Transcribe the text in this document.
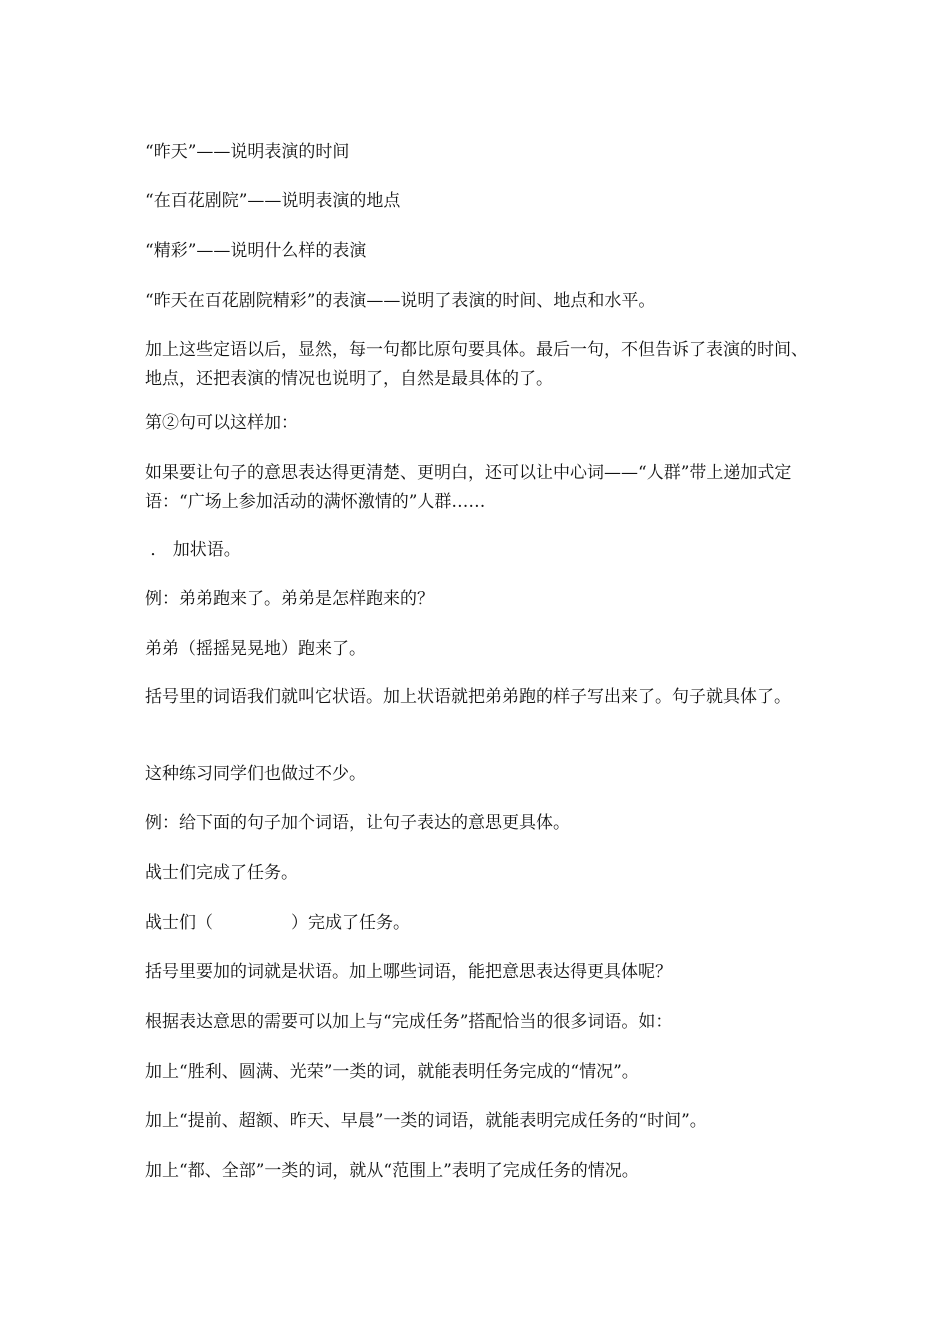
“昨天”——说明表演的时间

“在百花剧院”——说明表演的地点

“精彩”——说明什么样的表演

“昨天在百花剧院精彩”的表演——说明了表演的时间、地点和水平。

加上这些定语以后，显然，每一句都比原句要具体。最后一句，不但告诉了表演的时间、地点，还把表演的情况也说明了，自然是最具体的了。

第②句可以这样加：

如果要让句子的意思表达得更清楚、更明白，还可以让中心词——“人群”带上递加式定语：“广场上参加活动的满怀激情的”人群……

． 加状语。

例：弟弟跑来了。弟弟是怎样跑来的？

弟弟（摇摇晃晃地）跑来了。

括号里的词语我们就叫它状语。加上状语就把弟弟跑的样子写出来了。句子就具体了。

这种练习同学们也做过不少。

例：给下面的句子加个词语，让句子表达的意思更具体。

战士们完成了任务。

战士们（	）完成了任务。

括号里要加的词就是状语。加上哪些词语，能把意思表达得更具体呢？

根据表达意思的需要可以加上与“完成任务”搭配恰当的很多词语。如：

加上“胜利、圆满、光荣”一类的词，就能表明任务完成的“情况”。

加上“提前、超额、昨天、早晨”一类的词语，就能表明完成任务的“时间”。

加上“都、全部”一类的词，就从“范围上”表明了完成任务的情况。
